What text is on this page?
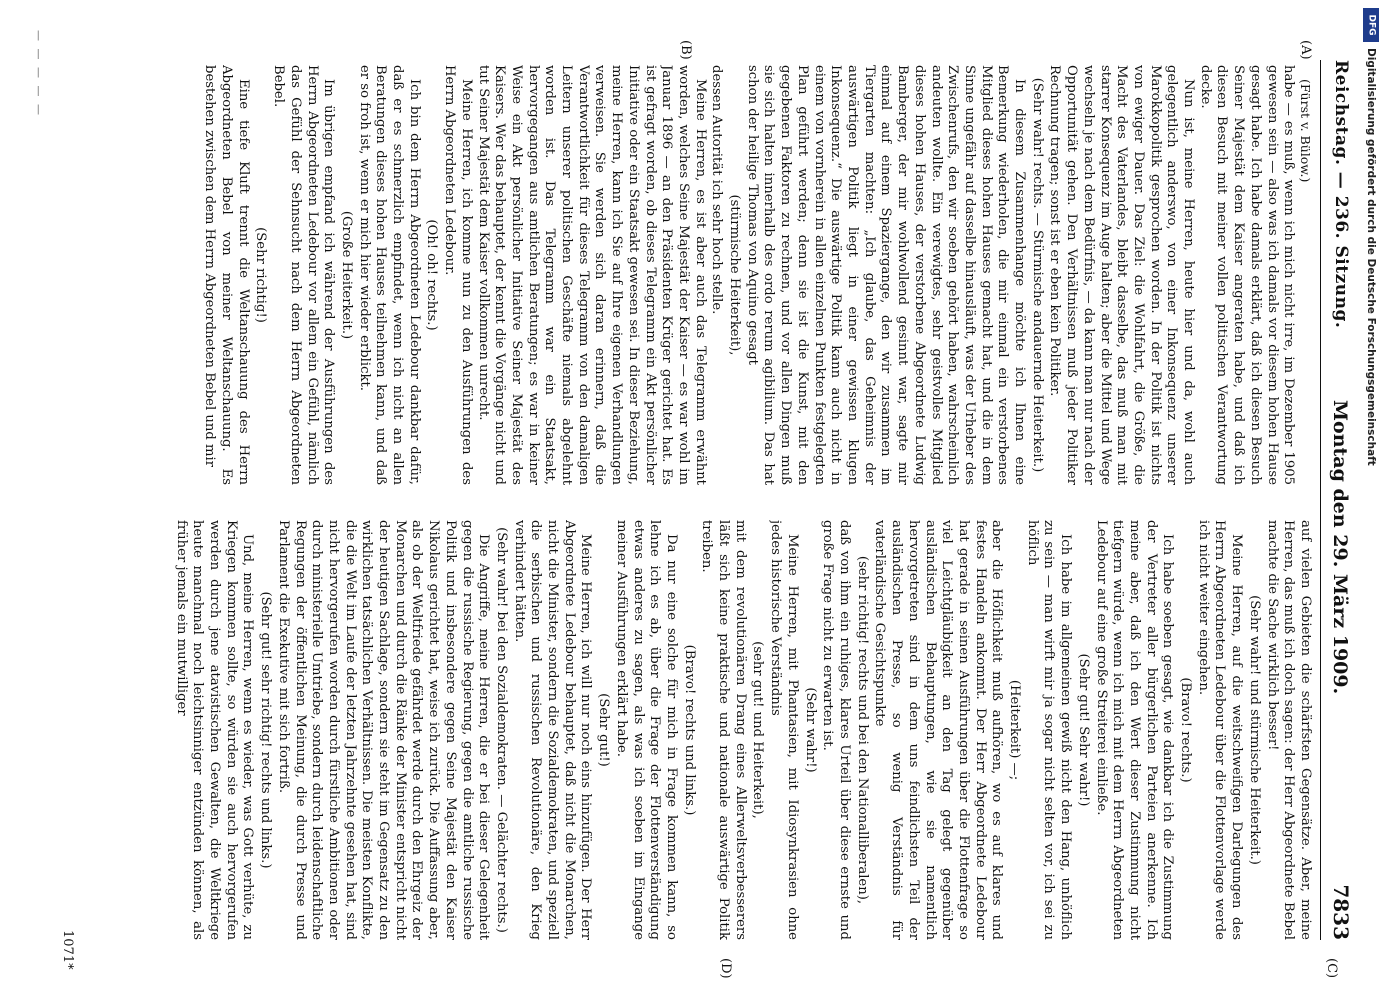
Reichstag. — 236. Sitzung.
Montag den 29. März 1909.
7833
(A)
(B)
(C)
(D)

(Fürst v. Bülow.)

habe — es muß, wenn ich mich nicht irre, im Dezember 1905 gewesen sein — also was ich damals vor diesem hohen Hause gesagt habe. Ich habe damals erklärt, daß ich diesen Besuch Seiner Majestät dem Kaiser angeraten habe, und daß ich diesen Besuch mit meiner vollen politischen Verantwortung decke.

Nun ist, meine Herren, heute hier und da, wohl auch gelegentlich anderswo, von einer Inkonsequenz unserer Marokkopolitik gesprochen worden. In der Politik ist nichts von ewiger Dauer. Das Ziel: die Wohlfahrt, die Größe, die Macht des Vaterlandes, bleibt dasselbe, das muß man mit starrer Konsequenz im Auge halten; aber die Mittel und Wege wechseln je nach dem Bedürfnis, — da kann man nur nach der Opportunität gehen. Den Verhältnissen muß jeder Politiker Rechnung tragen; sonst ist er eben kein Politiker.

(Sehr wahr! rechts. — Stürmische andauernde Heiterkeit.)

In diesem Zusammenhange möchte ich Ihnen eine Bemerkung wiederholen, die mir einmal ein verstorbenes Mitglied dieses hohen Hauses gemacht hat, und die in dem Sinne ungefähr auf dasselbe hinausläuft, was der Urheber des Zwischenrufs, den wir soeben gehört haben, wahrscheinlich andeuten wollte. Ein verewigtes, sehr geistvolles Mitglied dieses hohen Hauses, der verstorbene Abgeordnete Ludwig Bamberger, der mir wohlwollend gesinnt war, sagte mir einmal auf einem Spaziergange, den wir zusammen im Tiergarten machten: „Ich glaube, das Geheimnis der auswärtigen Politik liegt in einer gewissen klugen Inkonsequenz.“ Die auswärtige Politik kann auch nicht in einem von vornherein in allen einzelnen Punkten festgelegten Plan geführt werden; denn sie ist die Kunst, mit den gegebenen Faktoren zu rechnen, und vor allen Dingen muß sie sich halten innerhalb des ordo rerum agibilium. Das hat schon der heilige Thomas von Aquino gesagt

(stürmische Heiterkeit),

dessen Autorität ich sehr hoch stelle.

Meine Herren, es ist aber auch das Telegramm erwähnt worden, welches Seine Majestät der Kaiser — es war wohl im Januar 1896 — an den Präsidenten Krüger gerichtet hat. Es ist gefragt worden, ob dieses Telegramm ein Akt persönlicher Initiative oder ein Staatsakt gewesen sei. In dieser Beziehung, meine Herren, kann ich Sie auf Ihre eigenen Verhandlungen verweisen. Sie werden sich daran erinnern, daß die Verantwortlichkeit für dieses Telegramm von den damaligen Leitern unserer politischen Geschäfte niemals abgelehnt worden ist. Das Telegramm war ein Staatsakt, hervorgegangen aus amtlichen Beratungen; es war in keiner Weise ein Akt persönlicher Initiative Seiner Majestät des Kaisers. Wer das behauptet, der kennt die Vorgänge nicht und tut Seiner Majestät dem Kaiser vollkommen unrecht.

Meine Herren, ich komme nun zu den Ausführungen des Herrn Abgeordneten Ledebour.

(Oh! oh! rechts.)

Ich bin dem Herrn Abgeordneten Ledebour dankbar dafür, daß er es schmerzlich empfindet, wenn ich nicht an allen Beratungen dieses hohen Hauses teilnehmen kann, und daß er so froh ist, wenn er mich hier wieder erblickt.

(Große Heiterkeit.)

Im übrigen empfand ich während der Ausführungen des Herrn Abgeordneten Ledebour vor allem ein Gefühl, nämlich das Gefühl der Sehnsucht nach dem Herrn Abgeordneten Bebel.

(Sehr richtig!)

Eine tiefe Kluft trennt die Weltanschauung des Herrn Abgeordneten Bebel von meiner Weltanschauung. Es bestehen zwischen dem Herrn Abgeordneten Bebel und mir

auf vielen Gebieten die schärfsten Gegensätze. Aber, meine Herren, das muß ich doch sagen: der Herr Abgeordnete Bebel machte die Sache wirklich besser!

(Sehr wahr! und stürmische Heiterkeit.)

Meine Herren, auf die weitschweifigen Darlegungen des Herrn Abgeordneten Ledebour über die Flottenvorlage werde ich nicht weiter eingehen.

(Bravo! rechts.)

Ich habe soeben gesagt, wie dankbar ich die Zustimmung der Vertreter aller bürgerlichen Parteien anerkenne. Ich meine aber, daß ich den Wert dieser Zustimmung nicht tiefgern würde, wenn ich mich mit dem Herrn Abgeordneten Ledebour auf eine große Streiterei einließe.

(Sehr gut! Sehr wahr!)

Ich habe im allgemeinen gewiß nicht den Hang, unhöflich zu sein — man wirft mir ja sogar nicht selten vor, ich sei zu höflich

(Heiterkeit) —;

aber die Höflichkeit muß aufhören, wo es auf klares und festes Handeln ankommt. Der Herr Abgeordnete Ledebour hat gerade in seinen Ausführungen über die Flottenfrage so viel Leichtgläubigkeit an den Tag gelegt gegenüber ausländischen Behauptungen, wie sie namentlich hervorgetreten sind in dem uns feindlichsten Teil der ausländischen Presse, so wenig Verständnis für vaterländische Gesichtspunkte

(sehr richtig! rechts und bei den Nationalliberalen),

daß von ihm ein ruhiges, klares Urteil über diese ernste und große Frage nicht zu erwarten ist.

(Sehr wahr!)

Meine Herren, mit Phantasien, mit Idiosynkrasien ohne jedes historische Verständnis

(sehr gut! und Heiterkeit),

mit dem revolutionären Drang eines Allerweltsverbesserers läßt sich keine praktische und nationale auswärtige Politik treiben.

(Bravo! rechts und links.)

Da nur eine solche für mich in Frage kommen kann, so lehne ich es ab, über die Frage der Flottenverständigung etwas anderes zu sagen, als was ich soeben im Eingange meiner Ausführungen erklärt habe.

(Sehr gut!)

Meine Herren, ich will nur noch eins hinzufügen. Der Herr Abgeordnete Ledebour behauptet, daß nicht die Monarchen, nicht die Minister, sondern die Sozialdemokraten, und speziell die serbischen und russischen Revolutionäre, den Krieg verhindert hätten.

(Sehr wahr! bei den Sozialdemokraten. — Gelächter rechts.)

Die Angriffe, meine Herren, die er bei dieser Gelegenheit gegen die russische Regierung, gegen die amtliche russische Politik und insbesondere gegen Seine Majestät den Kaiser Nikolaus gerichtet hat, weise ich zurück. Die Auffassung aber, als ob der Weltfriede gefährdet werde durch den Ehrgeiz der Monarchen und durch die Ränke der Minister entspricht nicht der heutigen Sachlage, sondern sie steht im Gegensatz zu den wirklichen tatsächlichen Verhältnissen. Die meisten Konflikte, die die Welt im Laufe der letzten Jahrzehnte gesehen hat, sind nicht hervorgerufen worden durch fürstliche Ambitionen oder durch ministerielle Umtriebe, sondern durch leidenschaftliche Regungen der öffentlichen Meinung, die durch Presse und Parlament die Exekutive mit sich fortriß.

(Sehr gut! sehr richtig! rechts und links.)

Und, meine Herren, wenn es wieder, was Gott verhüte, zu Kriegen kommen sollte, so würden sie auch hervorgerufen werden durch jene atavistischen Gewalten, die Weltkriege heute manchmal noch leichtsinniger entzünden können, als früher jemals ein mutwilliger

1071*
— — — — —
DFG
Digitalisierung gefördert durch die Deutsche Forschungsgemeinschaft
